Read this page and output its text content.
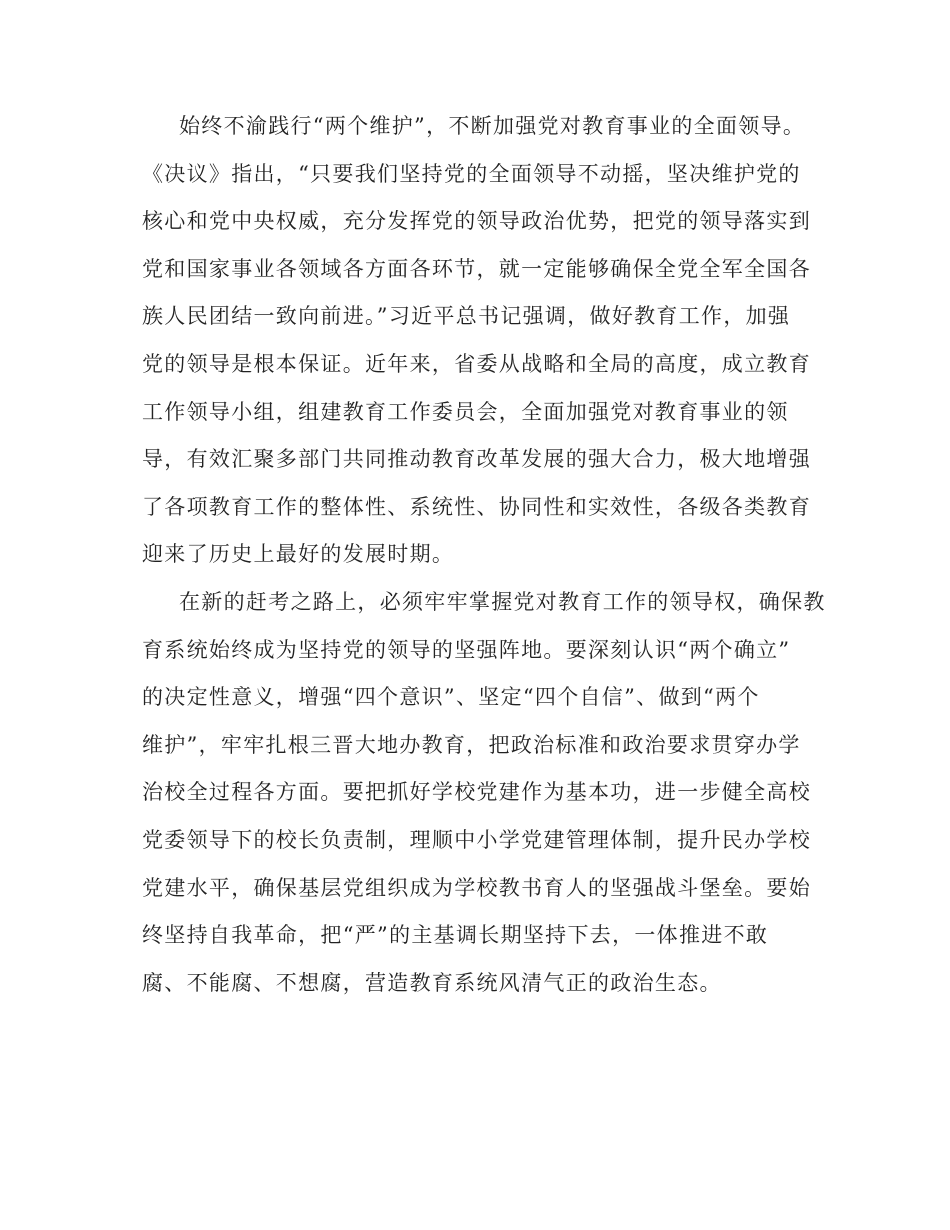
始终不渝践行“两个维护”，不断加强党对教育事业的全面领导。
《决议》指出，“只要我们坚持党的全面领导不动摇，坚决维护党的
核心和党中央权威，充分发挥党的领导政治优势，把党的领导落实到
党和国家事业各领域各方面各环节，就一定能够确保全党全军全国各
族人民团结一致向前进。”习近平总书记强调，做好教育工作，加强
党的领导是根本保证。近年来，省委从战略和全局的高度，成立教育
工作领导小组，组建教育工作委员会，全面加强党对教育事业的领
导，有效汇聚多部门共同推动教育改革发展的强大合力，极大地增强
了各项教育工作的整体性、系统性、协同性和实效性，各级各类教育
迎来了历史上最好的发展时期。
在新的赶考之路上，必须牢牢掌握党对教育工作的领导权，确保教
育系统始终成为坚持党的领导的坚强阵地。要深刻认识“两个确立”
的决定性意义，增强“四个意识”、坚定“四个自信”、做到“两个
维护”，牢牢扎根三晋大地办教育，把政治标准和政治要求贯穿办学
治校全过程各方面。要把抓好学校党建作为基本功，进一步健全高校
党委领导下的校长负责制，理顺中小学党建管理体制，提升民办学校
党建水平，确保基层党组织成为学校教书育人的坚强战斗堡垒。要始
终坚持自我革命，把“严”的主基调长期坚持下去，一体推进不敢
腐、不能腐、不想腐，营造教育系统风清气正的政治生态。
